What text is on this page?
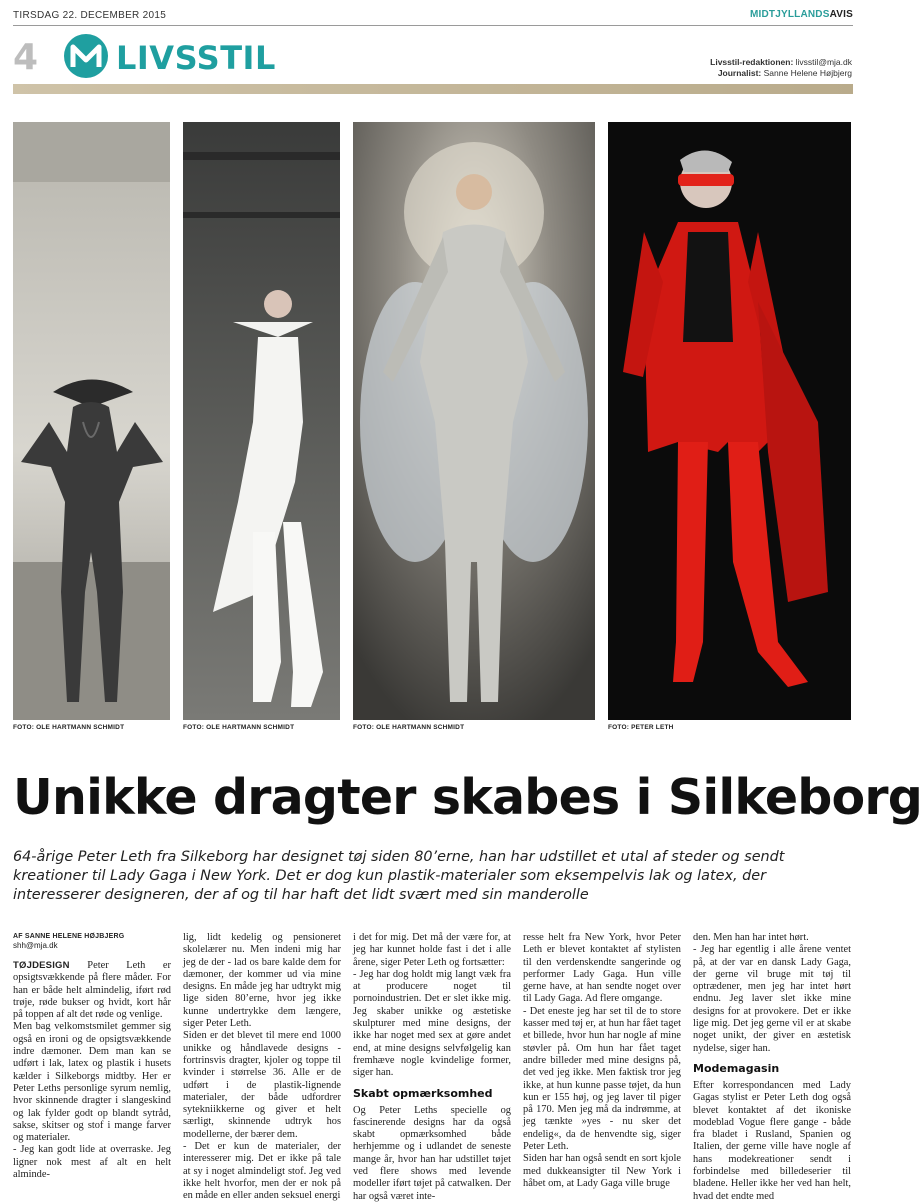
TIRSDAG 22. DECEMBER 2015	MIDTJYLLANDSAVIS
4 LIVSSTIL	Livsstil-redaktionen: livsstil@mja.dk
Journalist: Sanne Helene Højbjerg
FOTO: OLE HARTMANN SCHMIDT	FOTO: OLE HARTMANN SCHMIDT	FOTO: OLE HARTMANN SCHMIDT	FOTO: PETER LETH
Unikke dragter skabes i Silkeborg
64-årige Peter Leth fra Silkeborg har designet tøj siden 80’erne, han har udstillet et utal af steder og sendt kreationer til Lady Gaga i New York. Det er dog kun plastik-materialer som eksempelvis lak og latex, der interesserer designeren, der af og til har haft det lidt svært med sin manderolle

AF SANNE HELENE HØJBJERG

shh@mja.dk

TØJDESIGN Peter Leth er opsigtsvækkende på flere måder. For han er både helt almindelig, iført rød trøje, røde bukser og hvidt, kort hår på toppen af alt det røde og venlige.

Men bag velkomstsmilet gemmer sig også en ironi og de opsigtsvækkende indre dæmoner. Dem man kan se udført i lak, latex og plastik i husets kælder i Silkeborgs midtby. Her er Peter Leths personlige syrum nemlig, hvor skinnende dragter i slangeskind og lak fylder godt op blandt sytråd, sakse, skitser og stof i mange farver og materialer.

- Jeg kan godt lide at overraske. Jeg ligner nok mest af alt en helt alminde-

lig, lidt kedelig og pensioneret skolelærer nu. Men indeni mig har jeg de der - lad os bare kalde dem for dæmoner, der kommer ud via mine designs. En måde jeg har udtrykt mig lige siden 80’erne, hvor jeg ikke kunne undertrykke dem længere, siger Peter Leth.

Siden er det blevet til mere end 1000 unikke og håndlavede designs - fortrinsvis dragter, kjoler og toppe til kvinder i størrelse 36. Alle er de udført i de plastik-lignende materialer, der både udfordrer sytekniikkerne og giver et helt særligt, skinnende udtryk hos modellerne, der bærer dem.

- Det er kun de materialer, der interesserer mig. Det er ikke på tale at sy i noget almindeligt stof. Jeg ved ikke helt hvorfor, men der er nok på en måde en eller anden seksuel energi

i det for mig. Det må der være for, at jeg har kunnet holde fast i det i alle årene, siger Peter Leth og fortsætter:

- Jeg har dog holdt mig langt væk fra at producere noget til pornoindustrien. Det er slet ikke mig. Jeg skaber unikke og æstetiske skulpturer med mine designs, der ikke har noget med sex at gøre andet end, at mine designs selvfølgelig kan fremhæve nogle kvindelige former, siger han.

Skabt opmærksomhed

Og Peter Leths specielle og fascinerende designs har da også skabt opmærksomhed både herhjemme og i udlandet de seneste mange år, hvor han har udstillet tøjet ved flere shows med levende modeller iført tøjet på catwalken. Der har også været inte-

resse helt fra New York, hvor Peter Leth er blevet kontaktet af stylisten til den verdenskendte sangerinde og performer Lady Gaga. Hun ville gerne have, at han sendte noget over til Lady Gaga. Ad flere omgange.

- Det eneste jeg har set til de to store kasser med tøj er, at hun har fået taget et billede, hvor hun har nogle af mine støvler på. Om hun har fået taget andre billeder med mine designs på, det ved jeg ikke. Men faktisk tror jeg ikke, at hun kunne passe tøjet, da hun kun er 155 høj, og jeg laver til piger på 170. Men jeg må da indrømme, at jeg tænkte »yes - nu sker det endelig«, da de henvendte sig, siger Peter Leth.

Siden har han også sendt en sort kjole med dukkeansigter til New York i håbet om, at Lady Gaga ville bruge

den. Men han har intet hørt.

- Jeg har egentlig i alle årene ventet på, at der var en dansk Lady Gaga, der gerne vil bruge mit tøj til optrædener, men jeg har intet hørt endnu. Jeg laver slet ikke mine designs for at provokere. Det er ikke lige mig. Det jeg gerne vil er at skabe noget unikt, der giver en æstetisk nydelse, siger han.

Modemagasin

Efter korrespondancen med Lady Gagas stylist er Peter Leth dog også blevet kontaktet af det ikoniske modeblad Vogue flere gange - både fra bladet i Rusland, Spanien og Italien, der gerne ville have nogle af hans modekreationer sendt i forbindelse med billedeserier til bladene. Heller ikke her ved han helt, hvad det endte med
